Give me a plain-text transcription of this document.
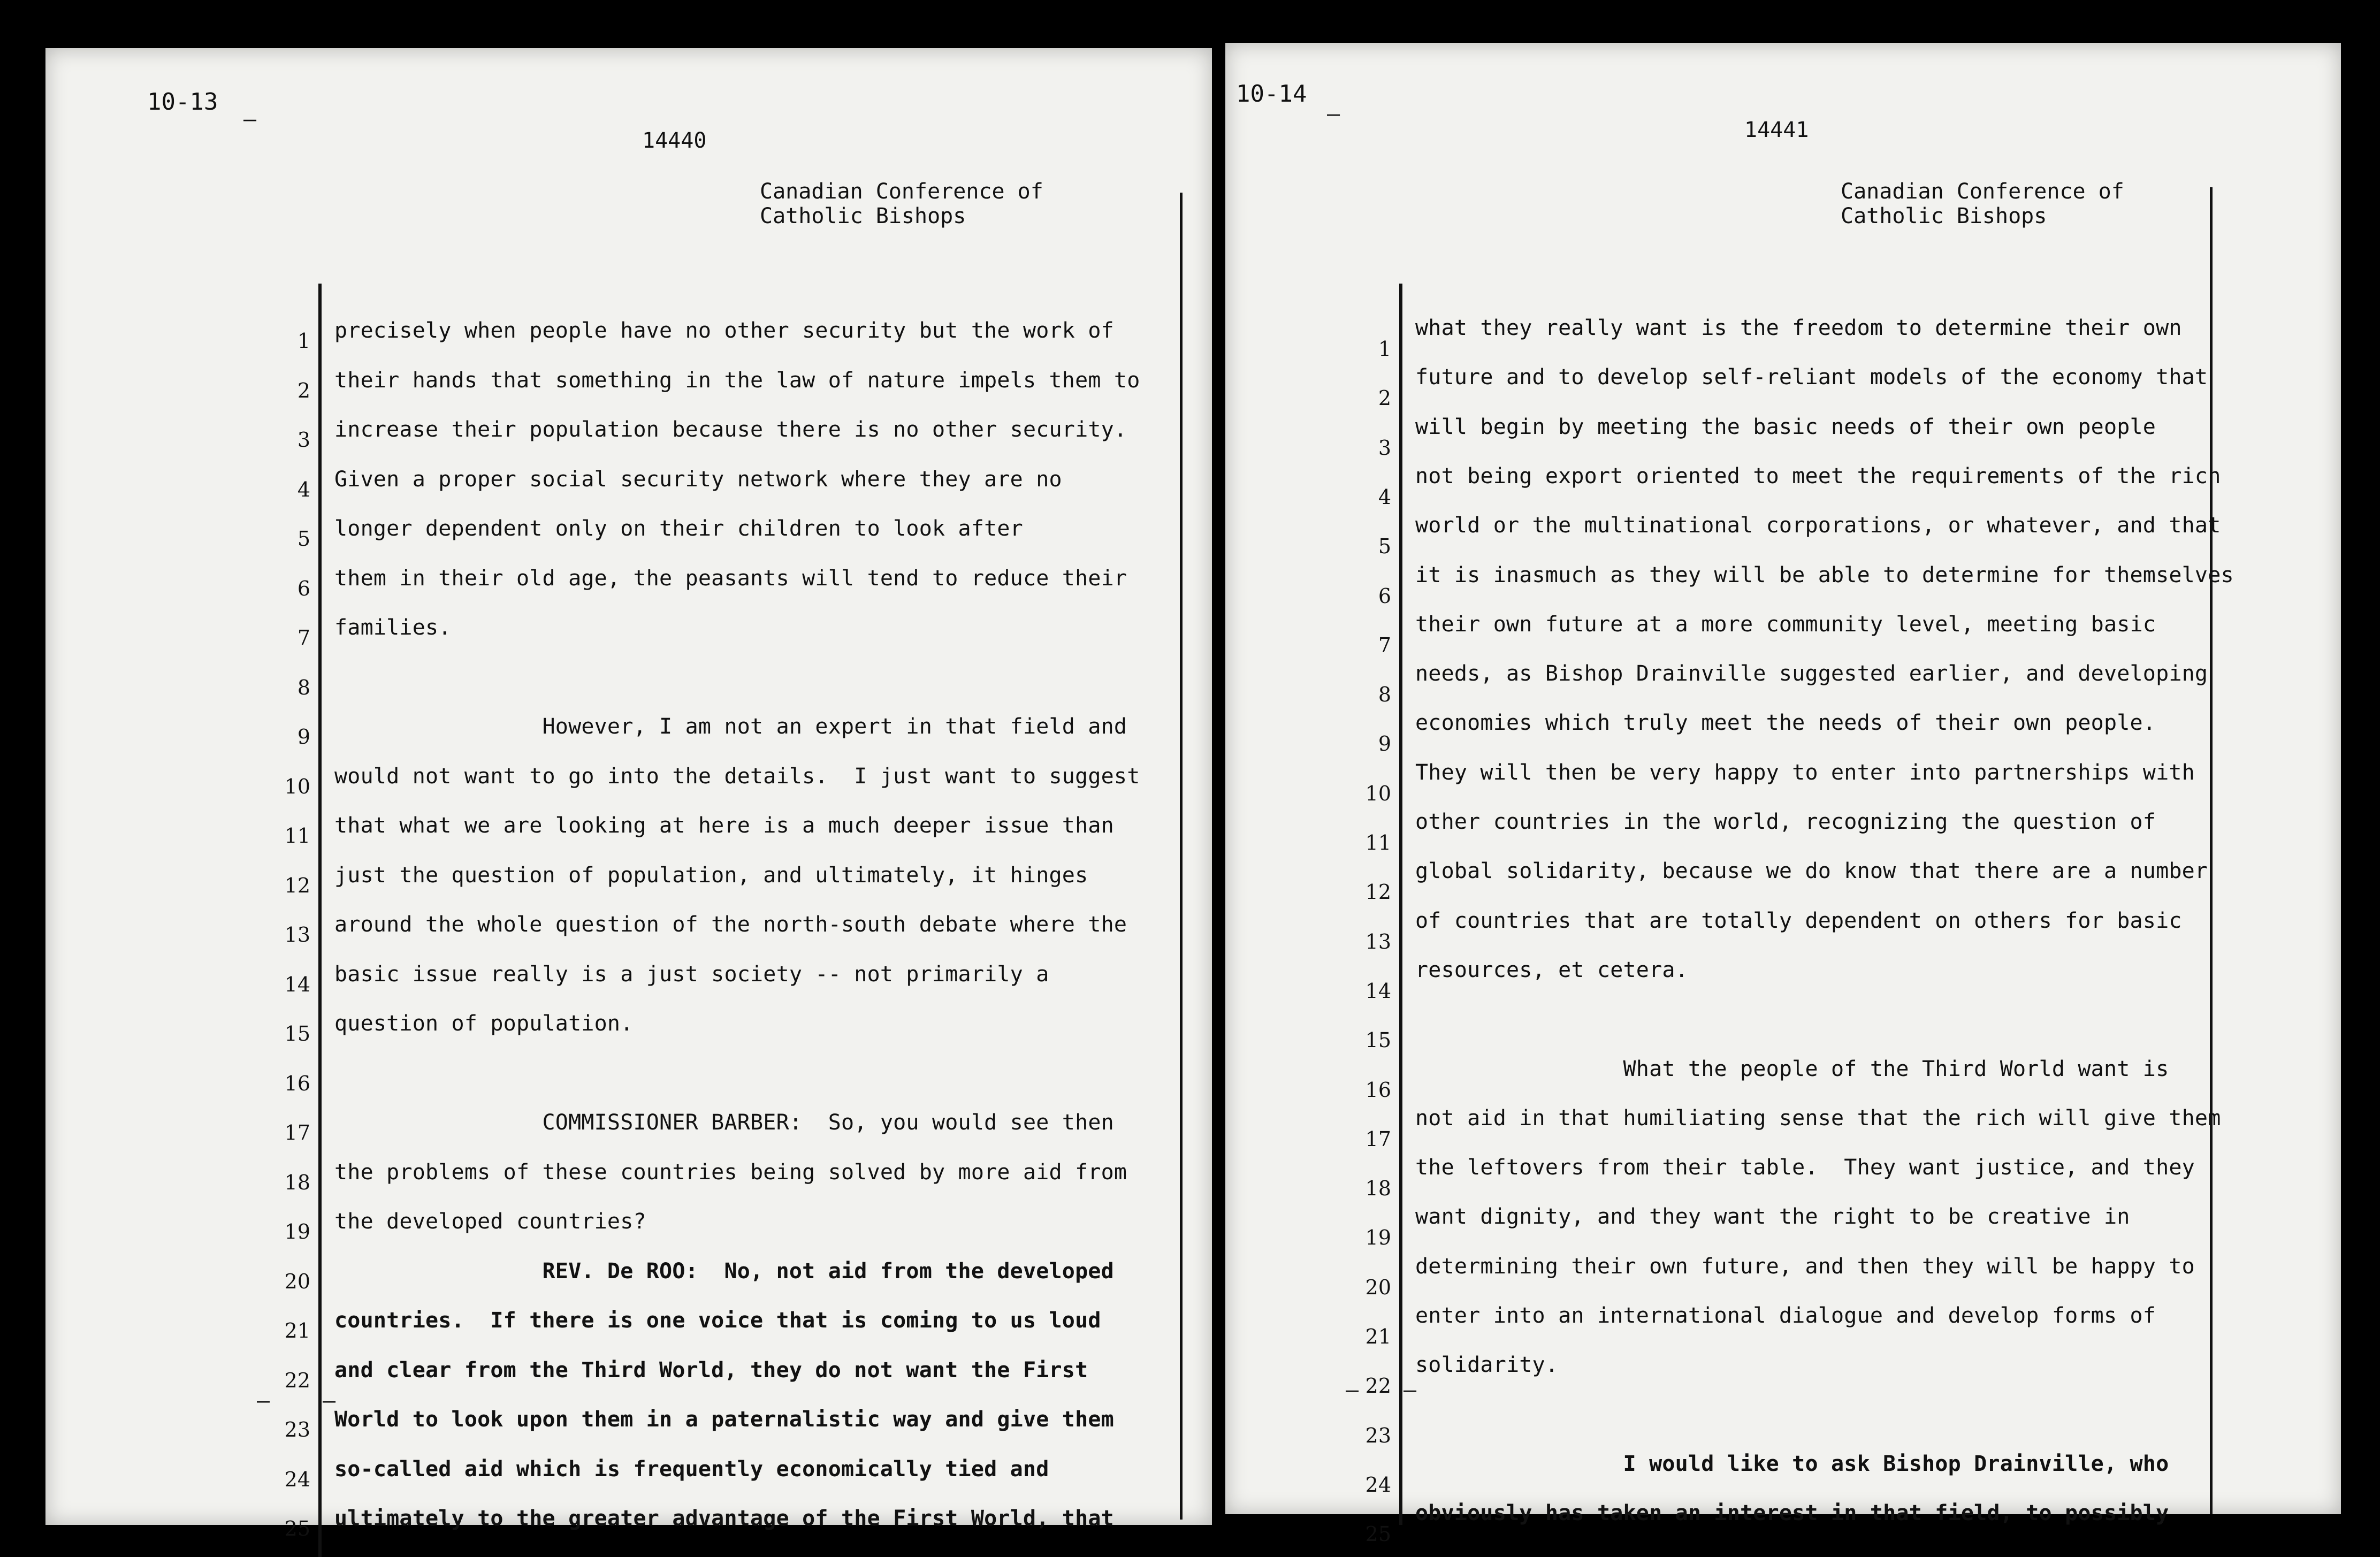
10-13
–
14440
Canadian Conference of
Catholic Bishops
— –
1 precisely when people have no other security but the work of
2 their hands that something in the law of nature impels them to
3 increase their population because there is no other security.
4 Given a proper social security network where they are no
5 longer dependent only on their children to look after
6 them in their old age, the peasants will tend to reduce their
7 families.
8
9 However, I am not an expert in that field and
10 would not want to go into the details.  I just want to suggest
11 that what we are looking at here is a much deeper issue than
12 just the question of population, and ultimately, it hinges
13 around the whole question of the north-south debate where the
14 basic issue really is a just society -- not primarily a
15 question of population.
16
17 COMMISSIONER BARBER:  So, you would see then
18 the problems of these countries being solved by more aid from
19 the developed countries?
20 REV. De ROO:  No, not aid from the developed
21 countries.  If there is one voice that is coming to us loud
22 and clear from the Third World, they do not want the First
23 World to look upon them in a paternalistic way and give them
24 so-called aid which is frequently economically tied and
25 ultimately to the greater advantage of the First World, that
10-14
–
14441
Canadian Conference of
Catholic Bishops
— –
1
what they really want is the freedom to determine their own
2
future and to develop self-reliant models of the economy that
3
will begin by meeting the basic needs of their own people
4
not being export oriented to meet the requirements of the rich
5
world or the multinational corporations, or whatever, and that
6
it is inasmuch as they will be able to determine for themselves
7
their own future at a more community level, meeting basic
8
needs, as Bishop Drainville suggested earlier, and developing
9
economies which truly meet the needs of their own people.
10
They will then be very happy to enter into partnerships with
11
other countries in the world, recognizing the question of
12
global solidarity, because we do know that there are a number
13
of countries that are totally dependent on others for basic
14
resources, et cetera.
15
16
What the people of the Third World want is
17
not aid in that humiliating sense that the rich will give them
18
the leftovers from their table.  They want justice, and they
19
want dignity, and they want the right to be creative in
20
determining their own future, and then they will be happy to
21
enter into an international dialogue and develop forms of
22
solidarity.
23
24
I would like to ask Bishop Drainville, who
25
obviously has taken an interest in that field, to possibly
